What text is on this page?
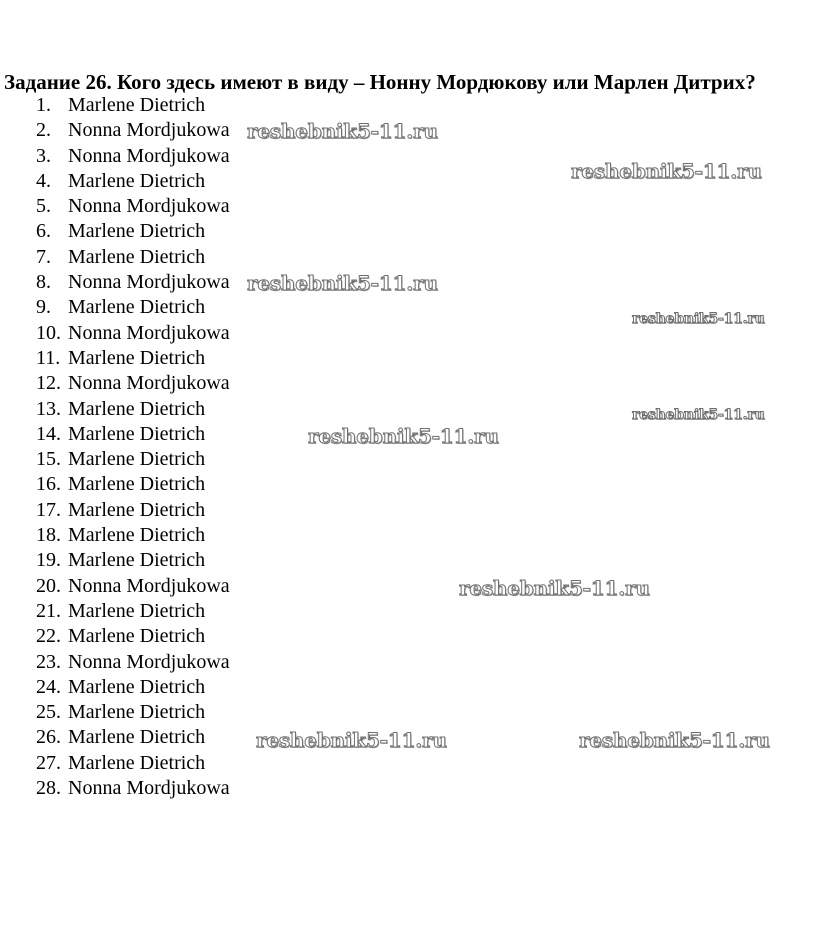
Задание 26. Кого здесь имеют в виду – Нонну Мордюкову или Марлен Дитрих?
1. Marlene Dietrich
2. Nonna Mordjukowa
3. Nonna Mordjukowa
4. Marlene Dietrich
5. Nonna Mordjukowa
6. Marlene Dietrich
7. Marlene Dietrich
8. Nonna Mordjukowa
9. Marlene Dietrich
10. Nonna Mordjukowa
11. Marlene Dietrich
12. Nonna Mordjukowa
13. Marlene Dietrich
14. Marlene Dietrich
15. Marlene Dietrich
16. Marlene Dietrich
17. Marlene Dietrich
18. Marlene Dietrich
19. Marlene Dietrich
20. Nonna Mordjukowa
21. Marlene Dietrich
22. Marlene Dietrich
23. Nonna Mordjukowa
24. Marlene Dietrich
25. Marlene Dietrich
26. Marlene Dietrich
27. Marlene Dietrich
28. Nonna Mordjukowa
reshebnik5-11.ru
reshebnik5-11.ru
reshebnik5-11.ru
reshebnik5-11.ru
reshebnik5-11.ru
reshebnik5-11.ru
reshebnik5-11.ru
reshebnik5-11.ru	reshebnik5-11.ru
